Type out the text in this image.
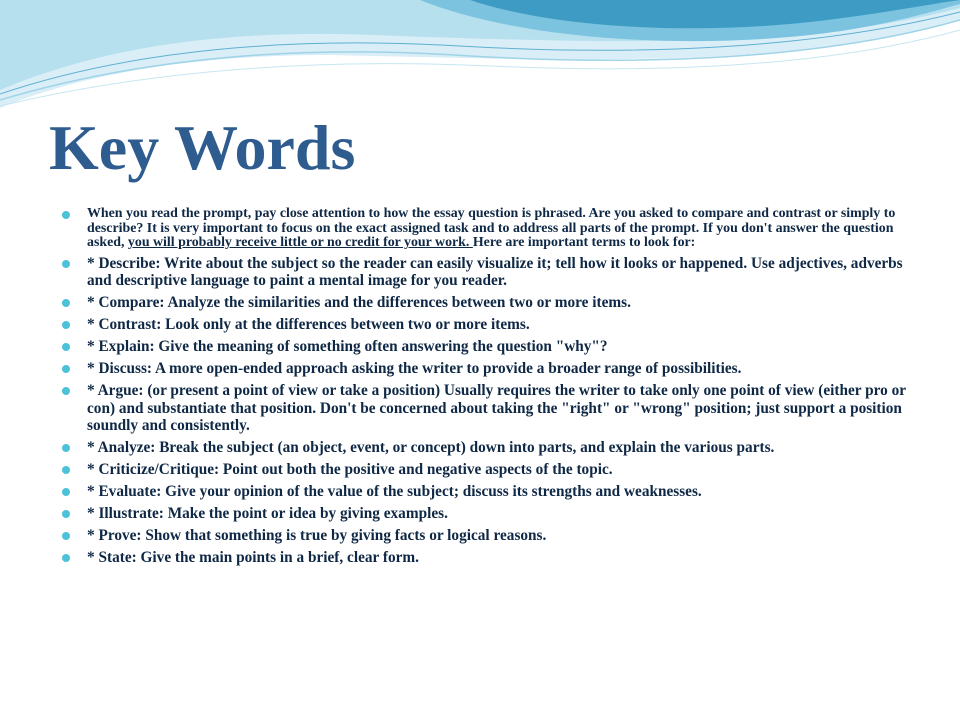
Key Words
When you read the prompt, pay close attention to how the essay question is phrased. Are you asked to compare and contrast or simply to describe? It is very important to focus on the exact assigned task and to address all parts of the prompt. If you don't answer the question asked, you will probably receive little or no credit for your work. Here are important terms to look for:
* Describe: Write about the subject so the reader can easily visualize it; tell how it looks or happened. Use adjectives, adverbs and descriptive language to paint a mental image for you reader.
* Compare: Analyze the similarities and the differences between two or more items.
* Contrast: Look only at the differences between two or more items.
* Explain: Give the meaning of something often answering the question "why"?
* Discuss: A more open-ended approach asking the writer to provide a broader range of possibilities.
* Argue: (or present a point of view or take a position) Usually requires the writer to take only one point of view (either pro or con) and substantiate that position. Don't be concerned about taking the "right" or "wrong" position; just support a position soundly and consistently.
* Analyze: Break the subject (an object, event, or concept) down into parts, and explain the various parts.
* Criticize/Critique: Point out both the positive and negative aspects of the topic.
* Evaluate: Give your opinion of the value of the subject; discuss its strengths and weaknesses.
* Illustrate: Make the point or idea by giving examples.
* Prove: Show that something is true by giving facts or logical reasons.
* State: Give the main points in a brief, clear form.
